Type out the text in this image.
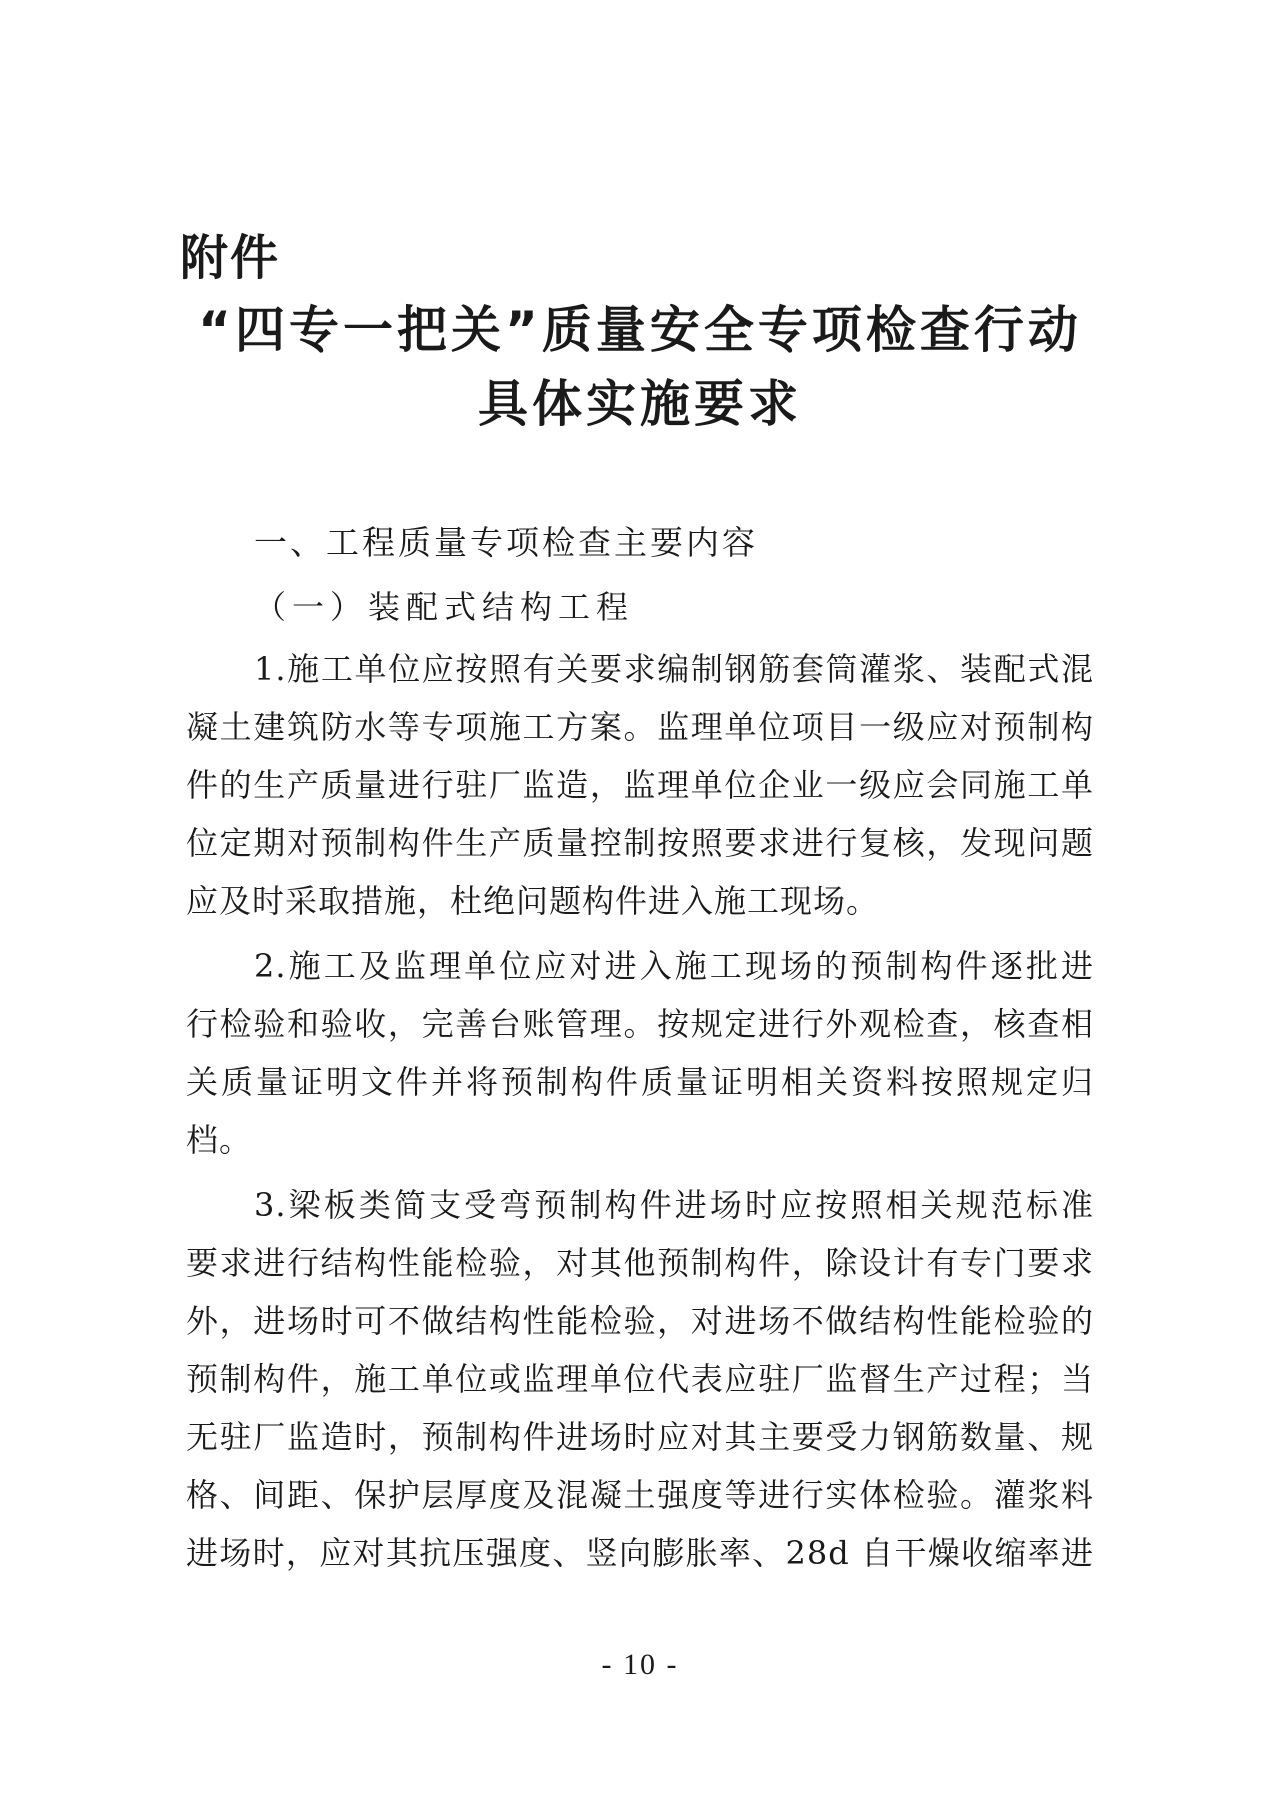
附件
“四专一把关”质量安全专项检查行动
具体实施要求
一、工程质量专项检查主要内容
（一）装配式结构工程
1.施工单位应按照有关要求编制钢筋套筒灌浆、装配式混
凝土建筑防水等专项施工方案。监理单位项目一级应对预制构
件的生产质量进行驻厂监造，监理单位企业一级应会同施工单
位定期对预制构件生产质量控制按照要求进行复核，发现问题
应及时采取措施，杜绝问题构件进入施工现场。
2.施工及监理单位应对进入施工现场的预制构件逐批进
行检验和验收，完善台账管理。按规定进行外观检查，核查相
关质量证明文件并将预制构件质量证明相关资料按照规定归
档。
3.梁板类简支受弯预制构件进场时应按照相关规范标准
要求进行结构性能检验，对其他预制构件，除设计有专门要求
外，进场时可不做结构性能检验，对进场不做结构性能检验的
预制构件，施工单位或监理单位代表应驻厂监督生产过程；当
无驻厂监造时，预制构件进场时应对其主要受力钢筋数量、规
格、间距、保护层厚度及混凝土强度等进行实体检验。灌浆料
进场时，应对其抗压强度、竖向膨胀率、28d 自干燥收缩率进
- 10 -
